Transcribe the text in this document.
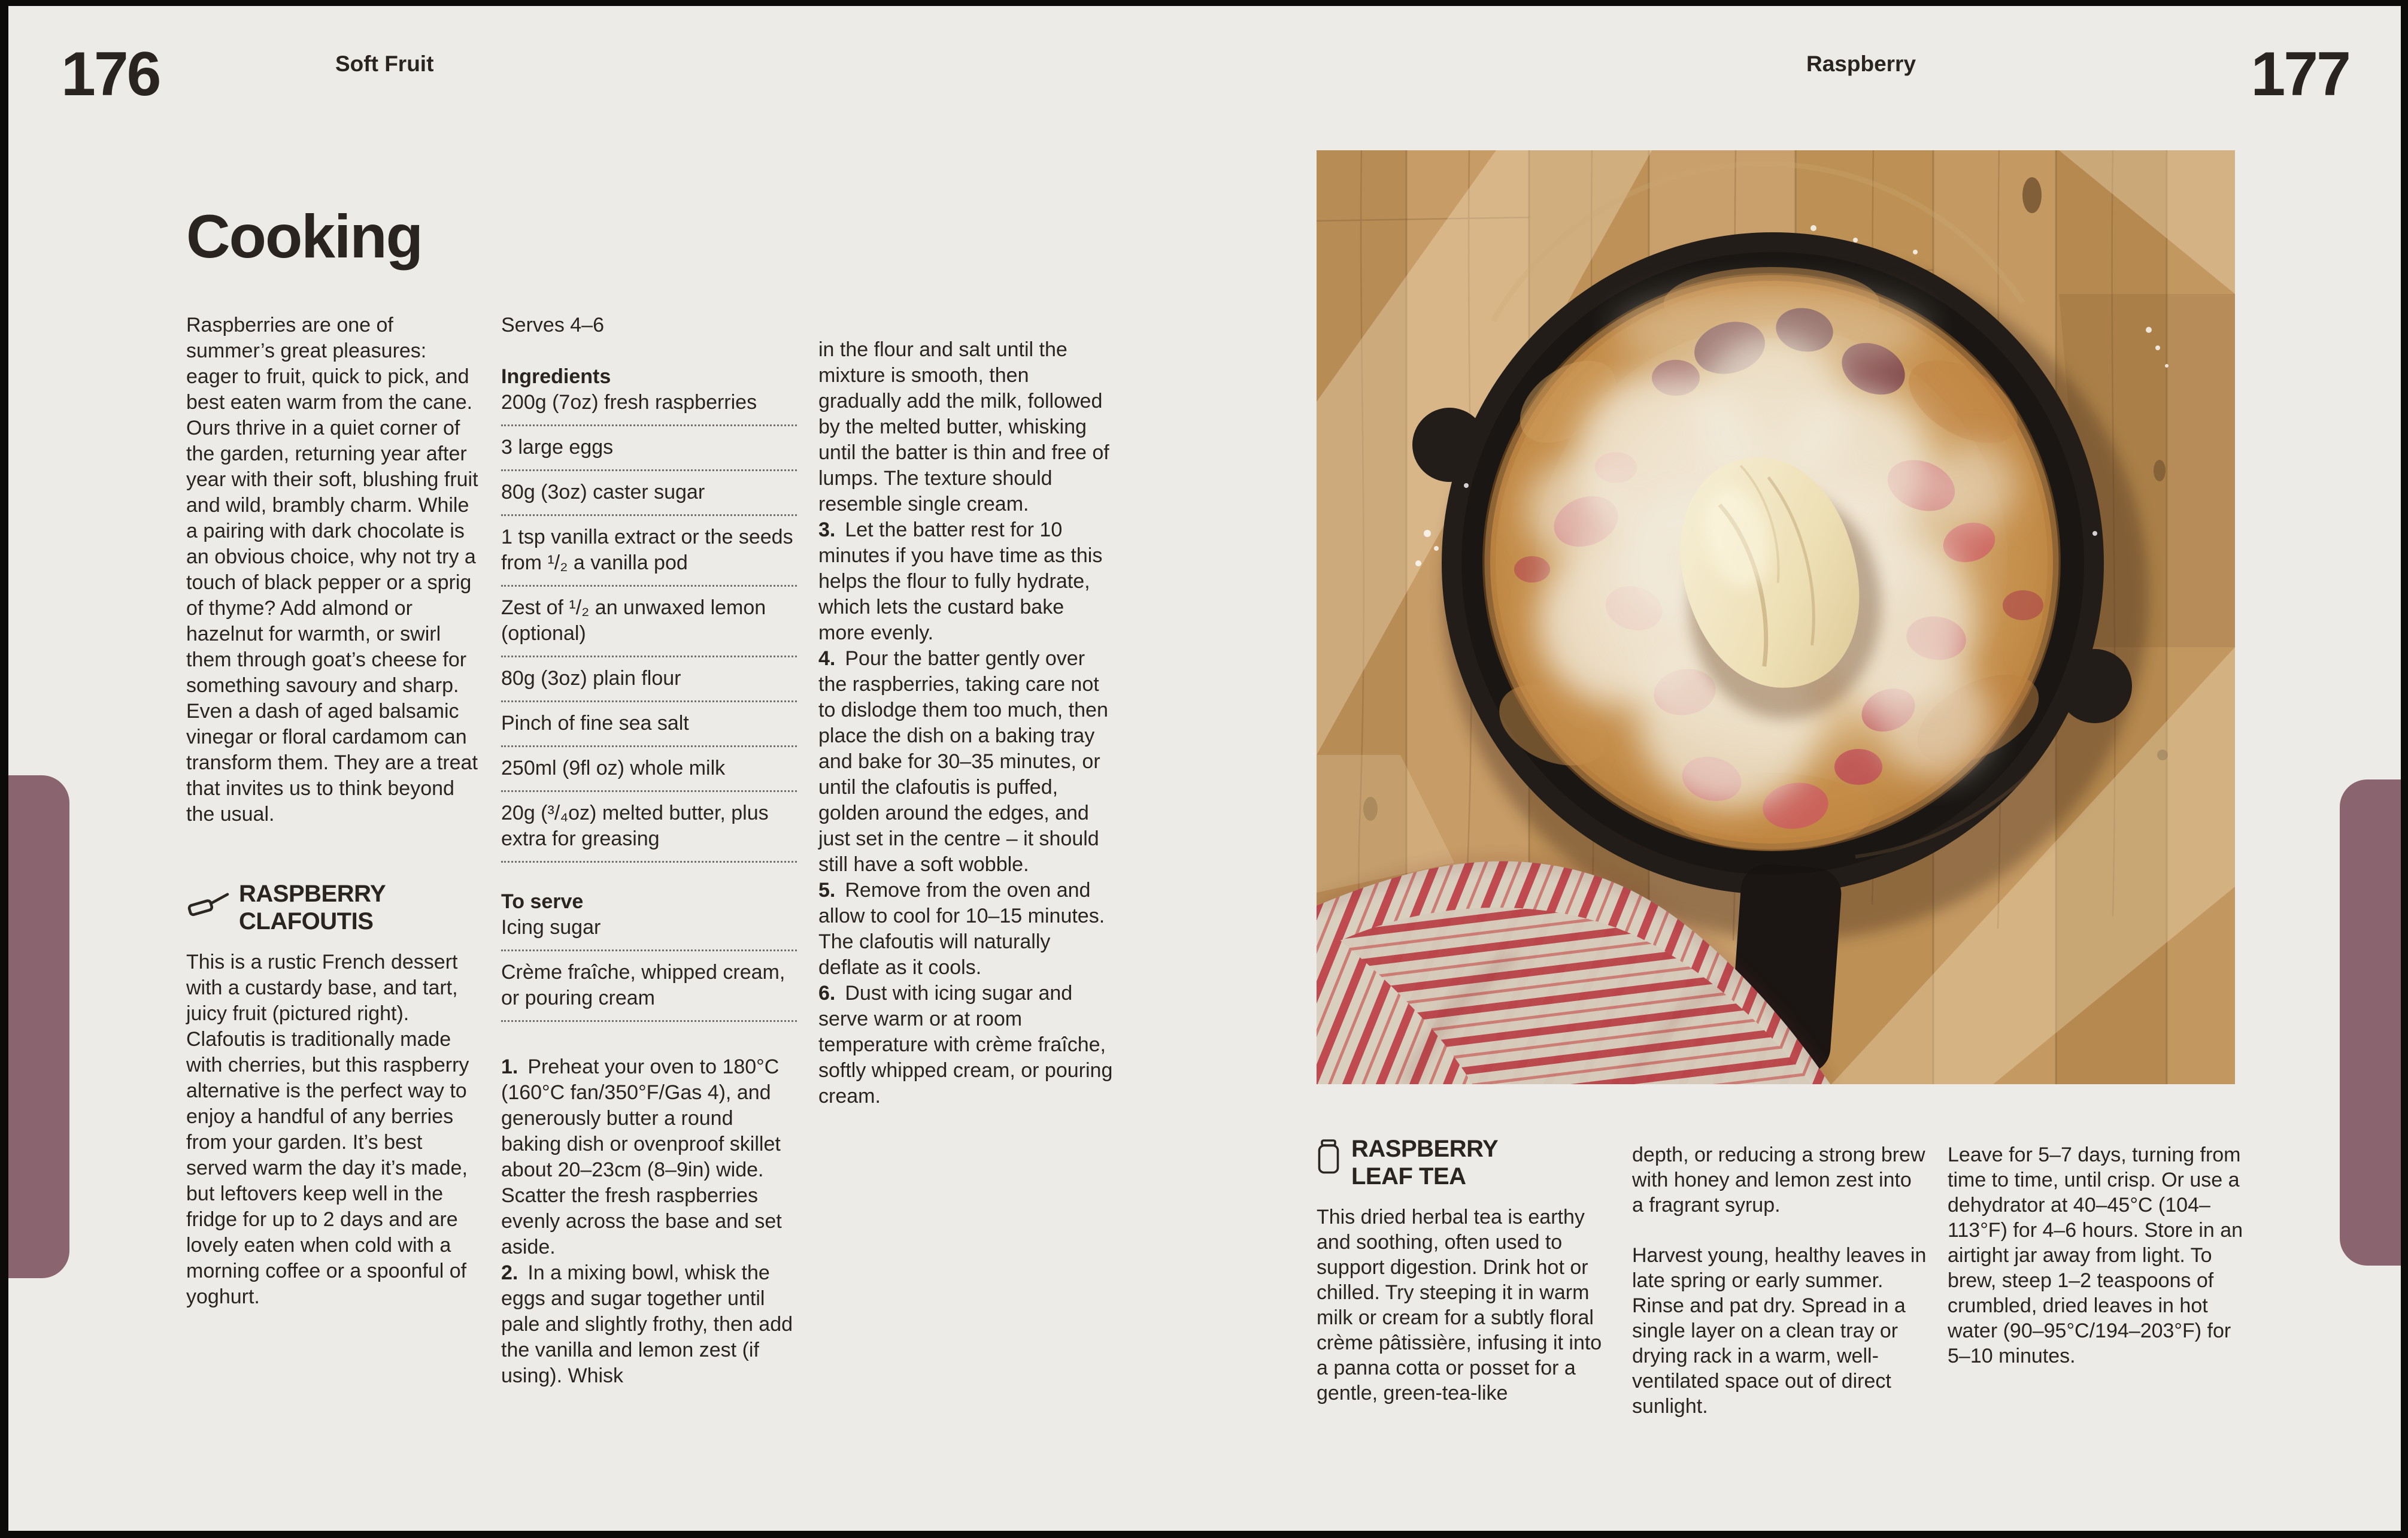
176	Soft Fruit	Raspberry	177
Cooking

Raspberries are one of summer’s great pleasures: eager to fruit, quick to pick, and best eaten warm from the cane. Ours thrive in a quiet corner of the garden, returning year after year with their soft, blushing fruit and wild, brambly charm. While a pairing with dark chocolate is an obvious choice, why not try a touch of black pepper or a sprig of thyme? Add almond or hazelnut for warmth, or swirl them through goat’s cheese for something savoury and sharp. Even a dash of aged balsamic vinegar or floral cardamom can transform them. They are a treat that invites us to think beyond the usual.

RASPBERRY
CLAFOUTIS

This is a rustic French dessert with a custardy base, and tart, juicy fruit (pictured right). Clafoutis is traditionally made with cherries, but this raspberry alternative is the perfect way to enjoy a handful of any berries from your garden. It’s best served warm the day it’s made, but leftovers keep well in the fridge for up to 2 days and are lovely eaten when cold with a morning coffee or a spoonful of yoghurt.

Serves 4–6

Ingredients

200g (7oz) fresh raspberries

3 large eggs

80g (3oz) caster sugar

1 tsp vanilla extract or the seeds from ¹/₂ a vanilla pod

Zest of ¹/₂ an unwaxed lemon (optional)

80g (3oz) plain flour

Pinch of fine sea salt

250ml (9fl oz) whole milk

20g (³/₄oz) melted butter, plus extra for greasing

To serve

Icing sugar

Crème fraîche, whipped cream, or pouring cream

1. Preheat your oven to 180°C (160°C fan/350°F/Gas 4), and generously butter a round baking dish or ovenproof skillet about 20–23cm (8–9in) wide. Scatter the fresh raspberries evenly across the base and set aside.

2. In a mixing bowl, whisk the eggs and sugar together until pale and slightly frothy, then add the vanilla and lemon zest (if using). Whisk

in the flour and salt until the mixture is smooth, then gradually add the milk, followed by the melted butter, whisking until the batter is thin and free of lumps. The texture should resemble single cream.

3. Let the batter rest for 10 minutes if you have time as this helps the flour to fully hydrate, which lets the custard bake more evenly.

4. Pour the batter gently over the raspberries, taking care not to dislodge them too much, then place the dish on a baking tray and bake for 30–35 minutes, or until the clafoutis is puffed, golden around the edges, and just set in the centre – it should still have a soft wobble.

5. Remove from the oven and allow to cool for 10–15 minutes. The clafoutis will naturally deflate as it cools.

6. Dust with icing sugar and serve warm or at room temperature with crème fraîche, softly whipped cream, or pouring cream.

RASPBERRY
LEAF TEA

This dried herbal tea is earthy and soothing, often used to support digestion. Drink hot or chilled. Try steeping it in warm milk or cream for a subtly floral crème pâtissière, infusing it into a panna cotta or posset for a gentle, green-tea-like

depth, or reducing a strong brew with honey and lemon zest into a fragrant syrup.

Harvest young, healthy leaves in late spring or early summer. Rinse and pat dry. Spread in a single layer on a clean tray or drying rack in a warm, well-ventilated space out of direct sunlight.

Leave for 5–7 days, turning from time to time, until crisp. Or use a dehydrator at 40–45°C (104–113°F) for 4–6 hours. Store in an airtight jar away from light. To brew, steep 1–2 teaspoons of crumbled, dried leaves in hot water (90–95°C/194–203°F) for 5–10 minutes.
